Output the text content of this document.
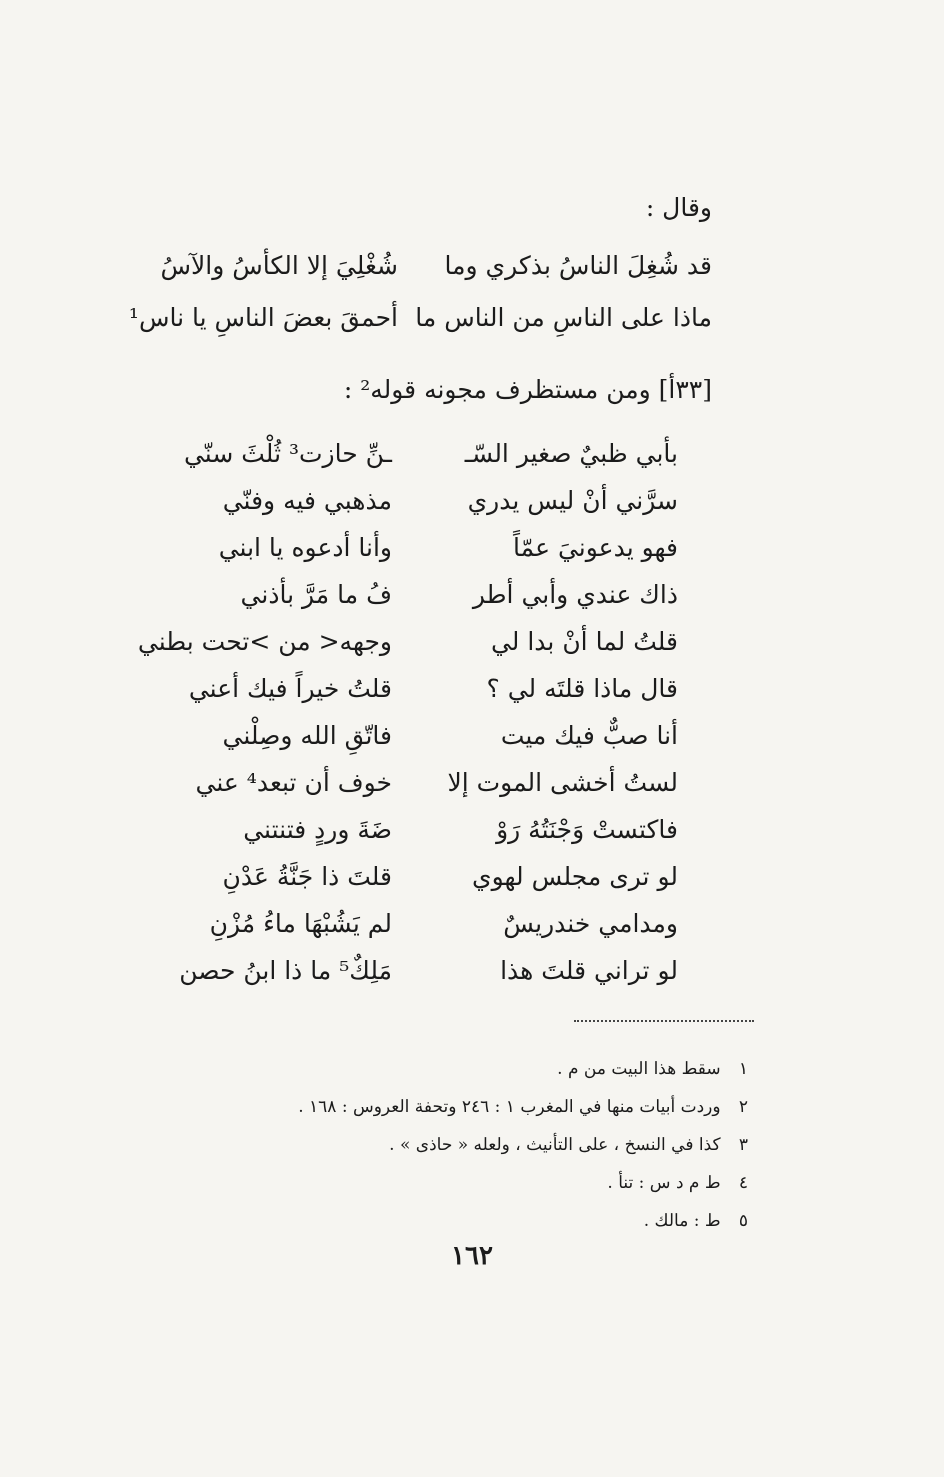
وقال :
قد شُغِلَ الناسُ بذكري وما
شُغْلِيَ إلا الكأسُ والآسُ
ماذا على الناسِ من الناس ما
أحمقَ بعضَ الناسِ يا ناس¹
[٣٣أ] ومن مستظرف مجونه قوله² :
بأبي ظبيٌ صغير السّـ
ـنِّ حازت³ ثُلْثَ سنّي
سرَّني أنْ ليس يدري
مذهبي فيه وفنّي
فهو يدعونيَ عمّاً
وأنا أدعوه يا ابني
ذاك عندي وأبي أطر
فُ ما مَرَّ بأذني
قلتُ لما أنْ بدا لي
وجهه< من >تحت بطني
قال ماذا قلتَه لي ؟
قلتُ خيراً فيك أعني
أنا صبٌّ فيك ميت
فاتّقِ الله وصِلْني
لستُ أخشى الموت إلا
خوف أن تبعد⁴ عني
فاكتستْ وَجْنَتُهُ رَوْ
ضَةَ وردٍ فتنتني
لو ترى مجلس لهوي
قلتَ ذا جَنَّةُ عَدْنِ
ومدامي خندريسٌ
لم يَشُبْهَا ماءُ مُزْنِ
لو تراني قلتَ هذا
مَلِكٌ⁵ ما ذا ابنُ حصن
١ سقط هذا البيت من م .
٢ وردت أبيات منها في المغرب ١ : ٢٤٦ وتحفة العروس : ١٦٨ .
٣ كذا في النسخ ، على التأنيث ، ولعله « حاذى » .
٤ ط م د س : تنأ .
٥ ط : مالك .
١٦٢
